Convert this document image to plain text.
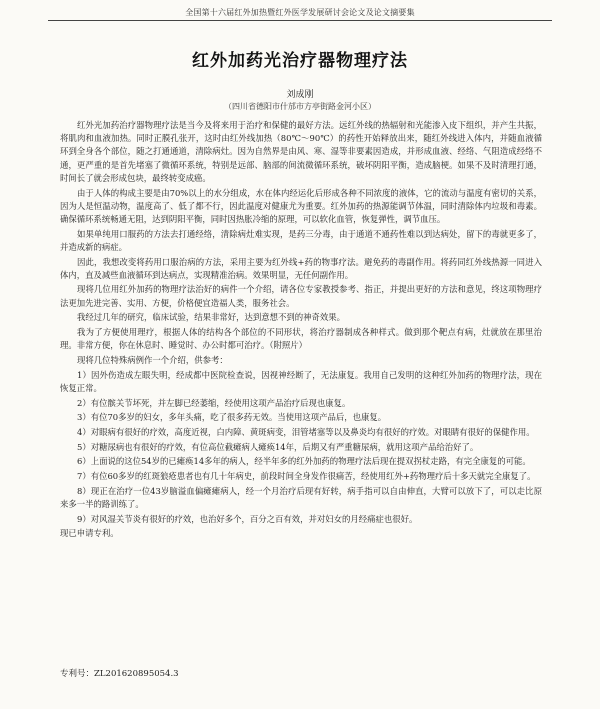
全国第十六届红外加热暨红外医学发展研讨会论文及论文摘要集
红外加药光治疗器物理疗法
刘成刚
（四川省德阳市什邡市方亭街路金河小区）

红外光加药治疗器物理疗法是当今及将来用于治疗和保健的最好方法。远红外线的热辐射和光能渗入皮下组织，并产生共振，将肌肉和血液加热。同时正膜孔张开，这时由红外线加热（80℃～90℃）的药性开始释放出来，随红外线进入体内，并随血液循环到全身各个部位，随之打通通道，清除病灶。因为自然界是由风、寒、湿等非要素因造成，并形成血液、经络、气阻造成经络不通，更严重的是首先堵塞了微循环系统，特别是远部、脑部的间流微循环系统，破坏阴阳平衡，造成脑梗。如果不及时清理打通，时间长了就会形成包块，最终转变成癌。

由于人体的构成主要是由70%以上的水分组成，水在体内经运化后形成各种不同浓度的液体，它的流动与温度有密切的关系，因为人是恒温动物，温度高了、低了都不行，因此温度对健康尤为重要。红外加药的热源能调节体温，同时清除体内垃圾和毒素。确保循环系统畅通无阻，达到阴阳平衡，同时因热胀冷缩的原理，可以软化血管，恢复弹性，调节血压。

如果单纯用口服药的方法去打通经络，清除病灶难实现，是药三分毒，由于通道不通药性难以到达病处，留下的毒就更多了，并造成新的病症。

因此，我想改变将药用口服治病的方法，采用主要为红外线+药的物事疗法。避免药的毒副作用。将药同红外线热源一同进入体内，直及减些血液循环到达病点，实现精准治病。效果明显，无任何副作用。

现将几位用红外加药的物理疗法治好的病件一个介绍，请各位专家教授参考、指正，并提出更好的方法和意见，终这项物理疗法更加先进完善、实用、方便，价格便宜造福人类，服务社会。

我经过几年的研究，临床试验，结果非常好，达到意想不到的神奇效果。

我为了方便使用理疗，根据人体的结构各个部位的不同形状，将治疗器制成各种样式。做到那个靶点有病，灶就放在那里治理。非常方便，你在休息时、睡觉时、办公时都可治疗。（附照片）

现将几位特殊病例作一个介绍，供参考：

1）因外伤造成左眼失明，经成都中医院检查说，因视神经断了，无法康复。我用自己发明的这种红外加药的物理疗法，现在恢复正常。

2）有位髌关节坏死，并左脚已经萎缩，经使用这项产品治疗后现也康复。

3）有位70多岁的妇女，多年头痛，吃了很多药无效。当使用这项产品后，也康复。

4）对眼病有很好的疗效，高度近视，白内障、黄斑病变，泪管堵塞等以及鼻炎均有很好的疗效。对眼睛有很好的保健作用。

5）对糖尿病也有很好的疗效，有位高位截瘫病人瘫痪14年，后期又有严重糖尿病，就用这项产品给治好了。

6）上面说的这位54岁的已瘫痪14多年的病人，经半年多的红外加药的物理疗法后现在提双拐杖走路，有完全康复的可能。

7）有位60多岁的红斑狼疮患者也有几十年病史，前段时间全身发作很痛苦，经使用红外+药物理疗后十多天就完全康复了。

8）现正在治疗一位43岁脑溢血偏瘫瘫病人，经一个月治疗后现有好转，病手指可以自由伸直，大臂可以放下了，可以走比原来多一半的路训练了。

9）对风湿关节炎有很好的疗效，也治好多个，百分之百有效，并对妇女的月经痛症也很好。

现已申请专利。

专利号：ZL201620895054.3
